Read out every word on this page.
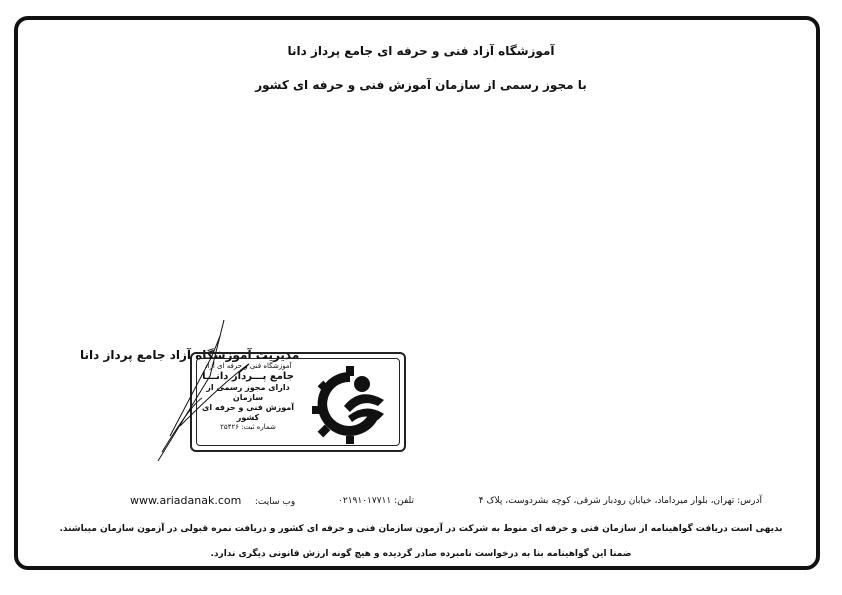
آموزشگاه آزاد فنی و حرفه ای جامع پرداز دانا
با مجوز رسمی از سازمان آموزش فنی و حرفه ای کشور
مدیریت آموزشگاه آزاد جامع پرداز دانا
آموزشگاه فنی و حرفه ای آزاد
جامع پـــرداز دانـــا
دارای مجوز رسمی از سازمان
آموزش فنی و حرفه ای کشور
شماره ثبت: ۲۵۴۲۶
آدرس: تهران، بلوار میرداماد، خیابان رودبار شرقی، کوچه بشردوست، پلاک ۴
تلفن: ۰۲۱۹۱۰۱۷۷۱۱
www.ariadanak.com وب سایت:
بدیهی است دریافت گواهینامه از سازمان فنی و حرفه ای منوط به شرکت در آزمون سازمان فنی و حرفه ای کشور و دریافت نمره قبولی در آزمون سازمان میباشند.
ضمنا این گواهینامه بنا به درخواست نامبرده صادر گردیده و هیچ گونه ارزش قانونی دیگری ندارد.
